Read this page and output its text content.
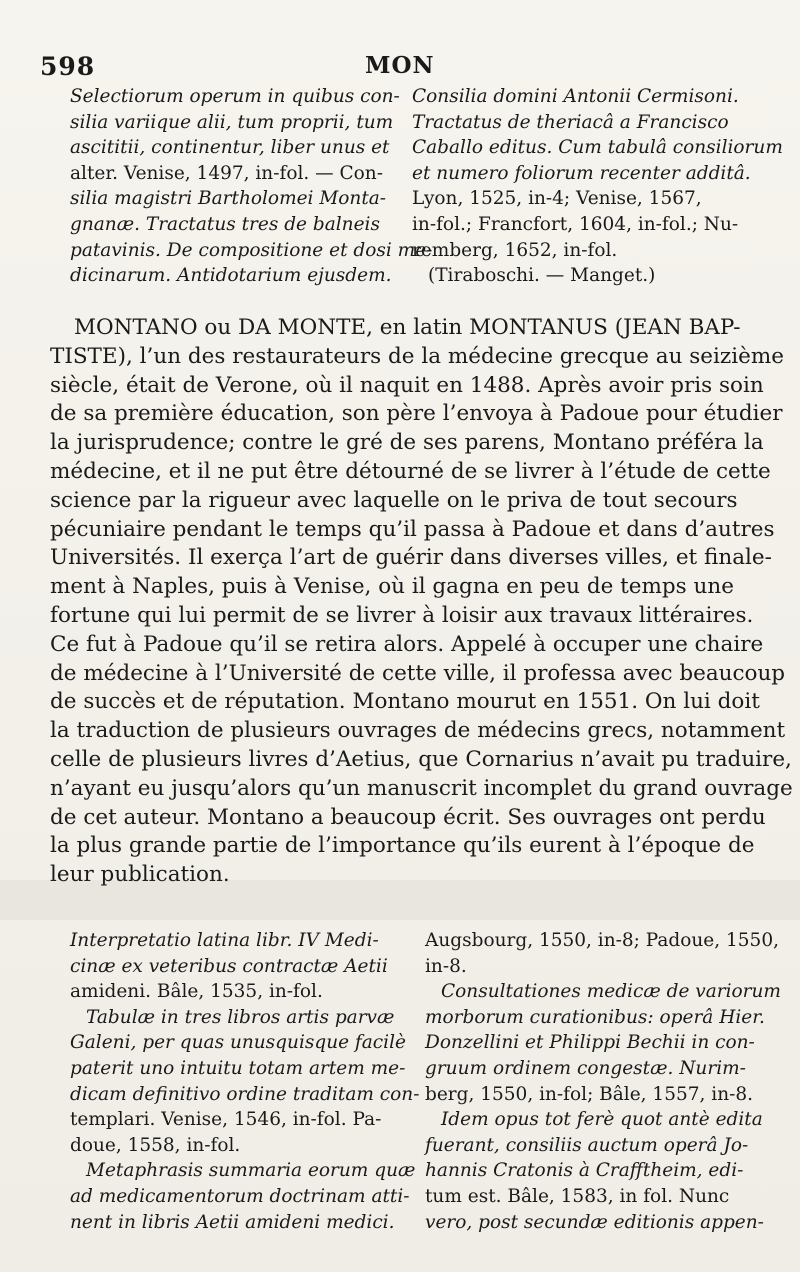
598	MON
Selectiorum operum in quibus con-
silia variique alii, tum proprii, tum
ascititii, continentur, liber unus et
alter. Venise, 1497, in-fol. — Con-
silia magistri Bartholomei Monta-
gnanæ. Tractatus tres de balneis
patavinis. De compositione et dosi me-
dicinarum. Antidotarium ejusdem.
Consilia domini Antonii Cermisoni.
Tractatus de theriacâ a Francisco
Caballo editus. Cum tabulâ consiliorum
et numero foliorum recenter additâ.
Lyon, 1525, in-4; Venise, 1567,
in-fol.; Francfort, 1604, in-fol.; Nu-
remberg, 1652, in-fol.
(Tiraboschi. — Manget.)
MONTANO ou DA MONTE, en latin MONTANUS (JEAN BAP-
TISTE), l’un des restaurateurs de la médecine grecque au seizième
siècle, était de Verone, où il naquit en 1488. Après avoir pris soin
de sa première éducation, son père l’envoya à Padoue pour étudier
la jurisprudence; contre le gré de ses parens, Montano préféra la
médecine, et il ne put être détourné de se livrer à l’étude de cette
science par la rigueur avec laquelle on le priva de tout secours
pécuniaire pendant le temps qu’il passa à Padoue et dans d’autres
Universités. Il exerça l’art de guérir dans diverses villes, et finale-
ment à Naples, puis à Venise, où il gagna en peu de temps une
fortune qui lui permit de se livrer à loisir aux travaux littéraires.
Ce fut à Padoue qu’il se retira alors. Appelé à occuper une chaire
de médecine à l’Université de cette ville, il professa avec beaucoup
de succès et de réputation. Montano mourut en 1551. On lui doit
la traduction de plusieurs ouvrages de médecins grecs, notamment
celle de plusieurs livres d’Aetius, que Cornarius n’avait pu traduire,
n’ayant eu jusqu’alors qu’un manuscrit incomplet du grand ouvrage
de cet auteur. Montano a beaucoup écrit. Ses ouvrages ont perdu
la plus grande partie de l’importance qu’ils eurent à l’époque de
leur publication.
Interpretatio latina libr. IV Medi-
cinæ ex veteribus contractæ Aetii
amideni. Bâle, 1535, in-fol.
Tabulæ in tres libros artis parvæ
Galeni, per quas unusquisque facilè
paterit uno intuitu totam artem me-
dicam definitivo ordine traditam con-
templari. Venise, 1546, in-fol. Pa-
doue, 1558, in-fol.
Metaphrasis summaria eorum quæ
ad medicamentorum doctrinam atti-
nent in libris Aetii amideni medici.
Augsbourg, 1550, in-8; Padoue, 1550,
in-8.
Consultationes medicæ de variorum
morborum curationibus: operâ Hier.
Donzellini et Philippi Bechii in con-
gruum ordinem congestæ. Nurim-
berg, 1550, in-fol; Bâle, 1557, in-8.
Idem opus tot ferè quot antè edita
fuerant, consiliis auctum operâ Jo-
hannis Cratonis à Crafftheim, edi-
tum est. Bâle, 1583, in fol. Nunc
vero, post secundæ editionis appen-
